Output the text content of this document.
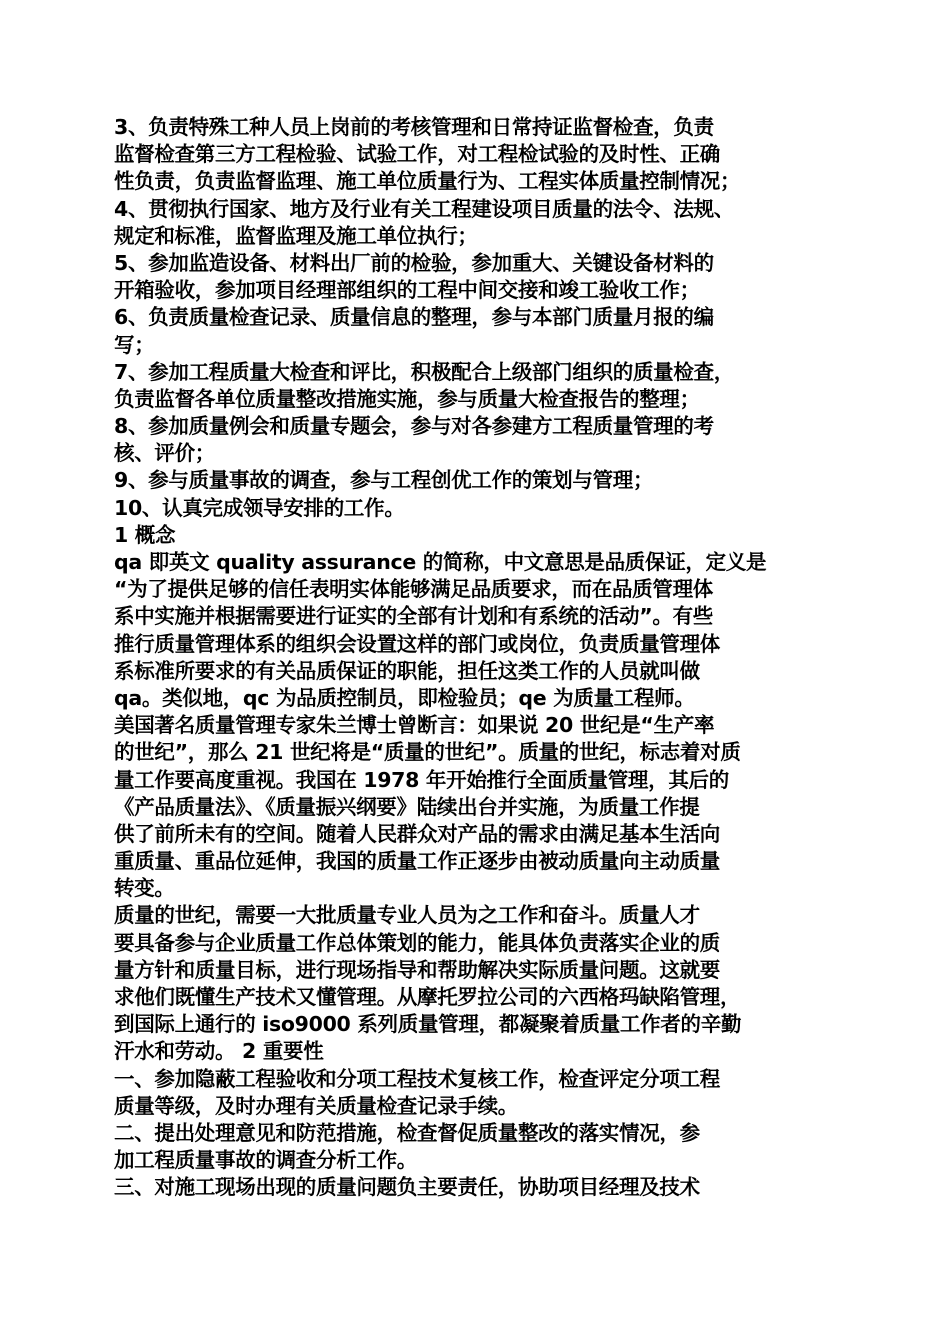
3、负责特殊工种人员上岗前的考核管理和日常持证监督检查，负责
监督检查第三方工程检验、试验工作，对工程检试验的及时性、正确
性负责，负责监督监理、施工单位质量行为、工程实体质量控制情况；
4、贯彻执行国家、地方及行业有关工程建设项目质量的法令、法规、
规定和标准，监督监理及施工单位执行；
5、参加监造设备、材料出厂前的检验，参加重大、关键设备材料的
开箱验收，参加项目经理部组织的工程中间交接和竣工验收工作；
6、负责质量检查记录、质量信息的整理，参与本部门质量月报的编
写；
7、参加工程质量大检查和评比，积极配合上级部门组织的质量检查，
负责监督各单位质量整改措施实施，参与质量大检查报告的整理；
8、参加质量例会和质量专题会，参与对各参建方工程质量管理的考
核、评价；
9、参与质量事故的调查，参与工程创优工作的策划与管理；
10、认真完成领导安排的工作。
1 概念
qa 即英文 quality assurance 的简称，中文意思是品质保证，定义是
“为了提供足够的信任表明实体能够满足品质要求，而在品质管理体
系中实施并根据需要进行证实的全部有计划和有系统的活动”。有些
推行质量管理体系的组织会设置这样的部门或岗位，负责质量管理体
系标准所要求的有关品质保证的职能，担任这类工作的人员就叫做
qa。类似地，qc 为品质控制员，即检验员；qe 为质量工程师。
美国著名质量管理专家朱兰博士曾断言：如果说 20 世纪是“生产率
的世纪”，那么 21 世纪将是“质量的世纪”。质量的世纪，标志着对质
量工作要高度重视。我国在 1978 年开始推行全面质量管理，其后的
《产品质量法》、《质量振兴纲要》陆续出台并实施，为质量工作提
供了前所未有的空间。随着人民群众对产品的需求由满足基本生活向
重质量、重品位延伸，我国的质量工作正逐步由被动质量向主动质量
转变。
质量的世纪，需要一大批质量专业人员为之工作和奋斗。质量人才
要具备参与企业质量工作总体策划的能力，能具体负责落实企业的质
量方针和质量目标，进行现场指导和帮助解决实际质量问题。这就要
求他们既懂生产技术又懂管理。从摩托罗拉公司的六西格玛缺陷管理，
到国际上通行的 iso9000 系列质量管理，都凝聚着质量工作者的辛勤
汗水和劳动。 2 重要性
一、参加隐蔽工程验收和分项工程技术复核工作，检查评定分项工程
质量等级，及时办理有关质量检查记录手续。
二、提出处理意见和防范措施，检查督促质量整改的落实情况，参
加工程质量事故的调查分析工作。
三、对施工现场出现的质量问题负主要责任，协助项目经理及技术
